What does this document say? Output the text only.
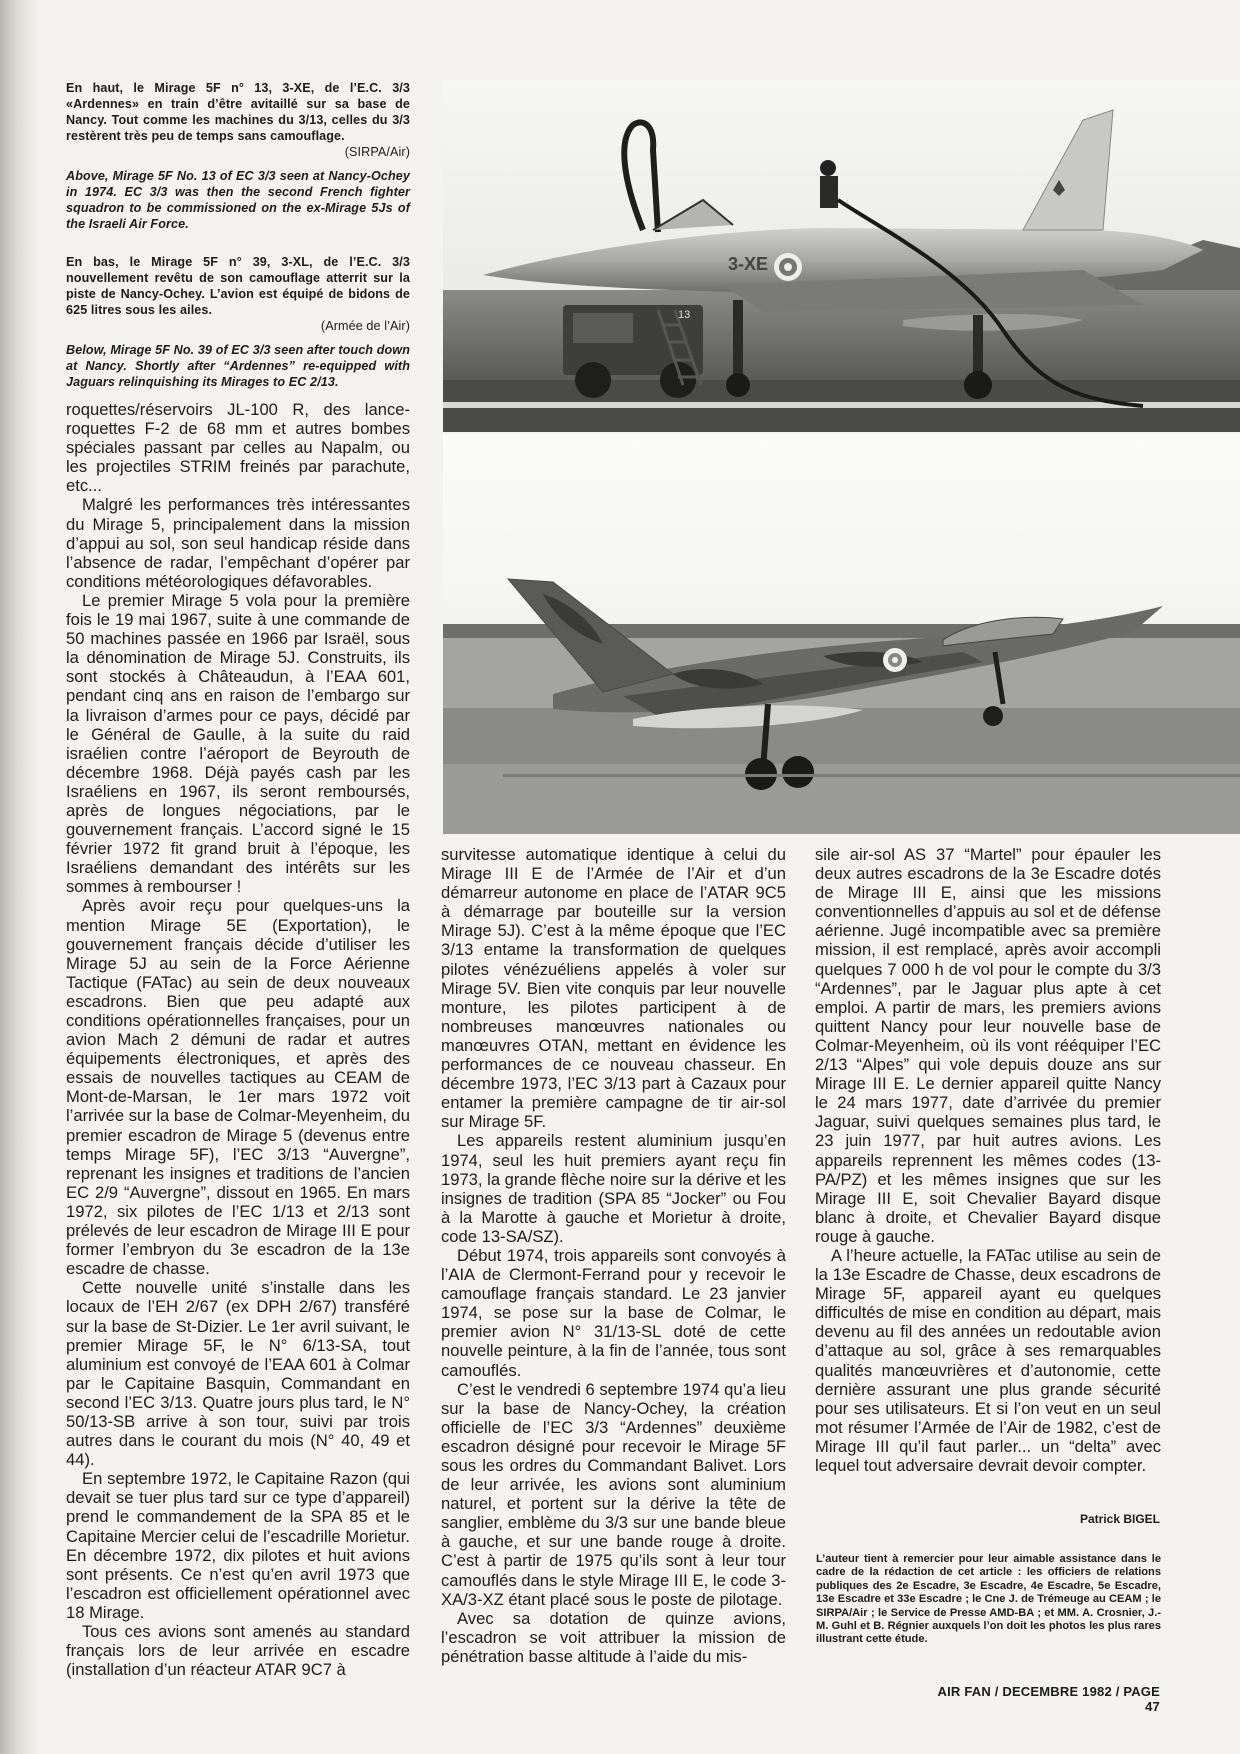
En haut, le Mirage 5F n° 13, 3-XE, de l’E.C. 3/3 «Ardennes» en train d’être avitaillé sur sa base de Nancy. Tout comme les machines du 3/13, celles du 3/3 restèrent très peu de temps sans camouflage.
(SIRPA/Air)

Above, Mirage 5F No. 13 of EC 3/3 seen at Nancy-Ochey in 1974. EC 3/3 was then the second French fighter squadron to be commissioned on the ex-Mirage 5Js of the Israeli Air Force.

En bas, le Mirage 5F n° 39, 3-XL, de l’E.C. 3/3 nouvellement revêtu de son camouflage atterrit sur la piste de Nancy-Ochey. L’avion est équipé de bidons de 625 litres sous les ailes.
(Armée de l’Air)

Below, Mirage 5F No. 39 of EC 3/3 seen after touch down at Nancy. Shortly after “Ardennes” re-equipped with Jaguars relinquishing its Mirages to EC 2/13.

3-XE
13

roquettes/réservoirs JL-100 R, des lance-roquettes F-2 de 68 mm et autres bombes spéciales passant par celles au Napalm, ou les projectiles STRIM freinés par parachute, etc...

Malgré les performances très intéressantes du Mirage 5, principalement dans la mission d’appui au sol, son seul handicap réside dans l’absence de radar, l’empêchant d’opérer par conditions météorologiques défavorables.

Le premier Mirage 5 vola pour la première fois le 19 mai 1967, suite à une commande de 50 machines passée en 1966 par Israël, sous la dénomination de Mirage 5J. Construits, ils sont stockés à Châteaudun, à l’EAA 601, pendant cinq ans en raison de l’embargo sur la livraison d’armes pour ce pays, décidé par le Général de Gaulle, à la suite du raid israélien contre l’aéroport de Beyrouth de décembre 1968. Déjà payés cash par les Israéliens en 1967, ils seront remboursés, après de longues négociations, par le gouvernement français. L’accord signé le 15 février 1972 fit grand bruit à l’époque, les Israéliens demandant des intérêts sur les sommes à rembourser !

Après avoir reçu pour quelques-uns la mention Mirage 5E (Exportation), le gouvernement français décide d’utiliser les Mirage 5J au sein de la Force Aérienne Tactique (FATac) au sein de deux nouveaux escadrons. Bien que peu adapté aux conditions opérationnelles françaises, pour un avion Mach 2 démuni de radar et autres équipements électroniques, et après des essais de nouvelles tactiques au CEAM de Mont-de-Marsan, le 1er mars 1972 voit l’arrivée sur la base de Colmar-Meyenheim, du premier escadron de Mirage 5 (devenus entre temps Mirage 5F), l’EC 3/13 “Auvergne”, reprenant les insignes et traditions de l’ancien EC 2/9 “Auvergne”, dissout en 1965. En mars 1972, six pilotes de l’EC 1/13 et 2/13 sont prélevés de leur escadron de Mirage III E pour former l’embryon du 3e escadron de la 13e escadre de chasse.

Cette nouvelle unité s’installe dans les locaux de l’EH 2/67 (ex DPH 2/67) transféré sur la base de St-Dizier. Le 1er avril suivant, le premier Mirage 5F, le N° 6/13-SA, tout aluminium est convoyé de l’EAA 601 à Colmar par le Capitaine Basquin, Commandant en second l’EC 3/13. Quatre jours plus tard, le N° 50/13-SB arrive à son tour, suivi par trois autres dans le courant du mois (N° 40, 49 et 44).

En septembre 1972, le Capitaine Razon (qui devait se tuer plus tard sur ce type d’appareil) prend le commandement de la SPA 85 et le Capitaine Mercier celui de l’escadrille Morietur. En décembre 1972, dix pilotes et huit avions sont présents. Ce n’est qu’en avril 1973 que l’escadron est officiellement opérationnel avec 18 Mirage.

Tous ces avions sont amenés au standard français lors de leur arrivée en escadre (installation d’un réacteur ATAR 9C7 à

survitesse automatique identique à celui du Mirage III E de l’Armée de l’Air et d’un démarreur autonome en place de l’ATAR 9C5 à démarrage par bouteille sur la version Mirage 5J). C’est à la même époque que l’EC 3/13 entame la transformation de quelques pilotes vénézuéliens appelés à voler sur Mirage 5V. Bien vite conquis par leur nouvelle monture, les pilotes participent à de nombreuses manœuvres nationales ou manœuvres OTAN, mettant en évidence les performances de ce nouveau chasseur. En décembre 1973, l’EC 3/13 part à Cazaux pour entamer la première campagne de tir air-sol sur Mirage 5F.

Les appareils restent aluminium jusqu’en 1974, seul les huit premiers ayant reçu fin 1973, la grande flèche noire sur la dérive et les insignes de tradition (SPA 85 “Jocker” ou Fou à la Marotte à gauche et Morietur à droite, code 13-SA/SZ).

Début 1974, trois appareils sont convoyés à l’AIA de Clermont-Ferrand pour y recevoir le camouflage français standard. Le 23 janvier 1974, se pose sur la base de Colmar, le premier avion N° 31/13-SL doté de cette nouvelle peinture, à la fin de l’année, tous sont camouflés.

C’est le vendredi 6 septembre 1974 qu’a lieu sur la base de Nancy-Ochey, la création officielle de l’EC 3/3 “Ardennes” deuxième escadron désigné pour recevoir le Mirage 5F sous les ordres du Commandant Balivet. Lors de leur arrivée, les avions sont aluminium naturel, et portent sur la dérive la tête de sanglier, emblème du 3/3 sur une bande bleue à gauche, et sur une bande rouge à droite. C’est à partir de 1975 qu’ils sont à leur tour camouflés dans le style Mirage III E, le code 3-XA/3-XZ étant placé sous le poste de pilotage.

Avec sa dotation de quinze avions, l’escadron se voit attribuer la mission de pénétration basse altitude à l’aide du mis-

sile air-sol AS 37 “Martel” pour épauler les deux autres escadrons de la 3e Escadre dotés de Mirage III E, ainsi que les missions conventionnelles d’appuis au sol et de défense aérienne. Jugé incompatible avec sa première mission, il est remplacé, après avoir accompli quelques 7 000 h de vol pour le compte du 3/3 “Ardennes”, par le Jaguar plus apte à cet emploi. A partir de mars, les premiers avions quittent Nancy pour leur nouvelle base de Colmar-Meyenheim, où ils vont rééquiper l’EC 2/13 “Alpes” qui vole depuis douze ans sur Mirage III E. Le dernier appareil quitte Nancy le 24 mars 1977, date d’arrivée du premier Jaguar, suivi quelques semaines plus tard, le 23 juin 1977, par huit autres avions. Les appareils reprennent les mêmes codes (13-PA/PZ) et les mêmes insignes que sur les Mirage III E, soit Chevalier Bayard disque blanc à droite, et Chevalier Bayard disque rouge à gauche.

A l’heure actuelle, la FATac utilise au sein de la 13e Escadre de Chasse, deux escadrons de Mirage 5F, appareil ayant eu quelques difficultés de mise en condition au départ, mais devenu au fil des années un redoutable avion d’attaque au sol, grâce à ses remarquables qualités manœuvrières et d’autonomie, cette dernière assurant une plus grande sécurité pour ses utilisateurs. Et si l’on veut en un seul mot résumer l’Armée de l’Air de 1982, c’est de Mirage III qu’il faut parler... un “delta” avec lequel tout adversaire devrait devoir compter.

Patrick BIGEL
L’auteur tient à remercier pour leur aimable assistance dans le cadre de la rédaction de cet article : les officiers de relations publiques des 2e Escadre, 3e Escadre, 4e Escadre, 5e Escadre, 13e Escadre et 33e Escadre ; le Cne J. de Trémeuge au CEAM ; le SIRPA/Air ; le Service de Presse AMD-BA ; et MM. A. Crosnier, J.-M. Guhl et B. Régnier auxquels l’on doit les photos les plus rares illustrant cette étude.
AIR FAN / DECEMBRE 1982 / PAGE 47
